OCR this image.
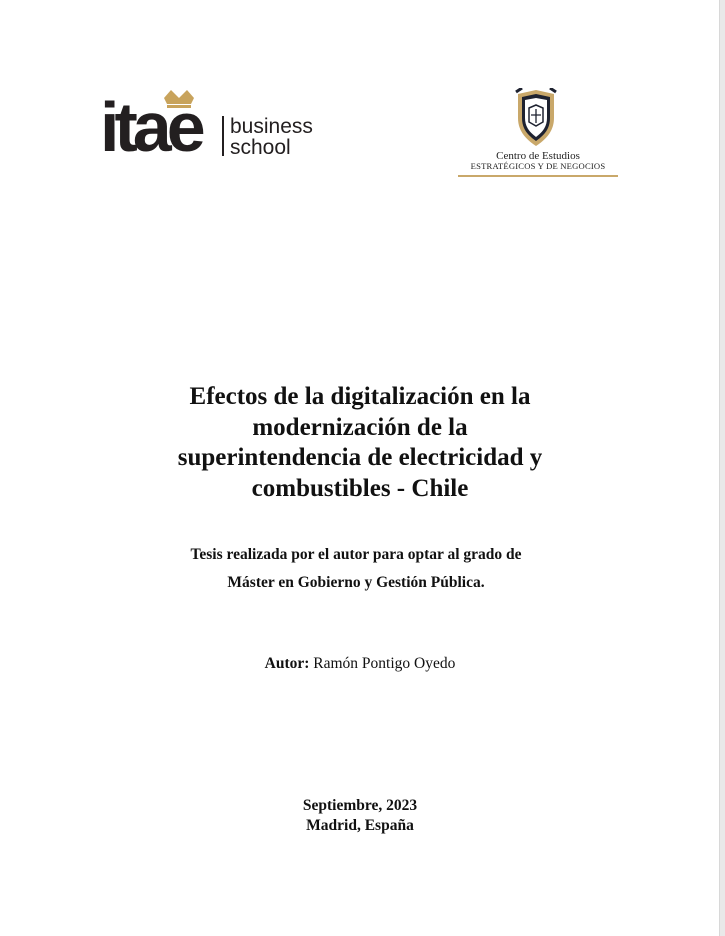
itae business
school	Centro de Estudios
ESTRATÉGICOS Y DE NEGOCIOS
Efectos de la digitalización en la
modernización de la
superintendencia de electricidad y
combustibles - Chile
Tesis realizada por el autor para optar al grado de
Máster en Gobierno y Gestión Pública.
Autor: Ramón Pontigo Oyedo
Septiembre, 2023
Madrid, España
